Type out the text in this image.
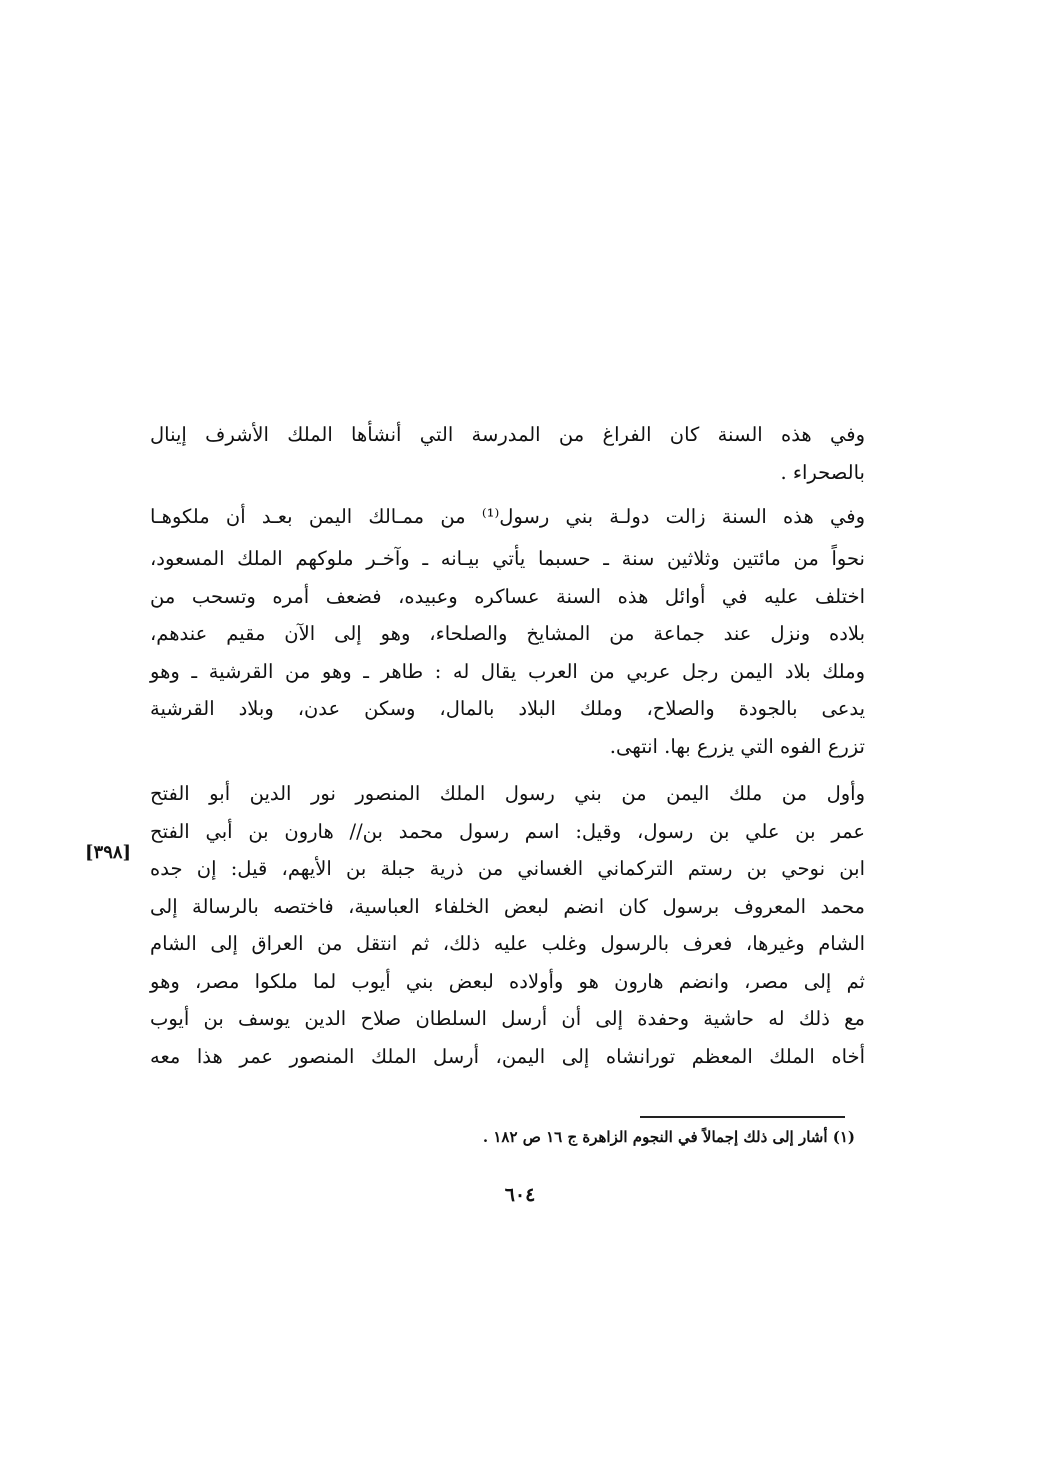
وفي هذه السنة كان الفراغ من المدرسة التي أنشأها الملك الأشرف إينال
بالصحراء .
وفي هذه السنة زالت دولـة بني رسول⁽¹⁾ من ممـالك اليمن بعـد أن ملكوهـا
نحواً من مائتين وثلاثين سنة ـ حسبما يأتي بيـانه ـ وآخـر ملوكهم الملك المسعود،
اختلف عليه في أوائل هذه السنة عساكره وعبيده، فضعف أمره وتسحب من
بلاده ونزل عند جماعة من المشايخ والصلحاء، وهو إلى الآن مقيم عندهم،
وملك بلاد اليمن رجل عربي من العرب يقال له : طاهر ـ وهو من القرشية ـ وهو
يدعى بالجودة والصلاح، وملك البلاد بالمال، وسكن عدن، وبلاد القرشية
تزرع الفوه التي يزرع بها. انتهى.
وأول من ملك اليمن من بني رسول الملك المنصور نور الدين أبو الفتح
عمر بن علي بن رسول، وقيل: اسم رسول محمد بن// هارون بن أبي الفتح
ابن نوحي بن رستم التركماني الغساني من ذرية جبلة بن الأيهم، قيل: إن جده
محمد المعروف برسول كان انضم لبعض الخلفاء العباسية، فاختصه بالرسالة إلى
الشام وغيرها، فعرف بالرسول وغلب عليه ذلك، ثم انتقل من العراق إلى الشام
ثم إلى مصر، وانضم هارون هو وأولاده لبعض بني أيوب لما ملكوا مصر، وهو
مع ذلك له حاشية وحفدة إلى أن أرسل السلطان صلاح الدين يوسف بن أيوب
أخاه الملك المعظم تورانشاه إلى اليمن، أرسل الملك المنصور عمر هذا معه
[٣٩٨]
(١) أشار إلى ذلك إجمالاً في النجوم الزاهرة ج ١٦ ص ١٨٢ .
٦٠٤
